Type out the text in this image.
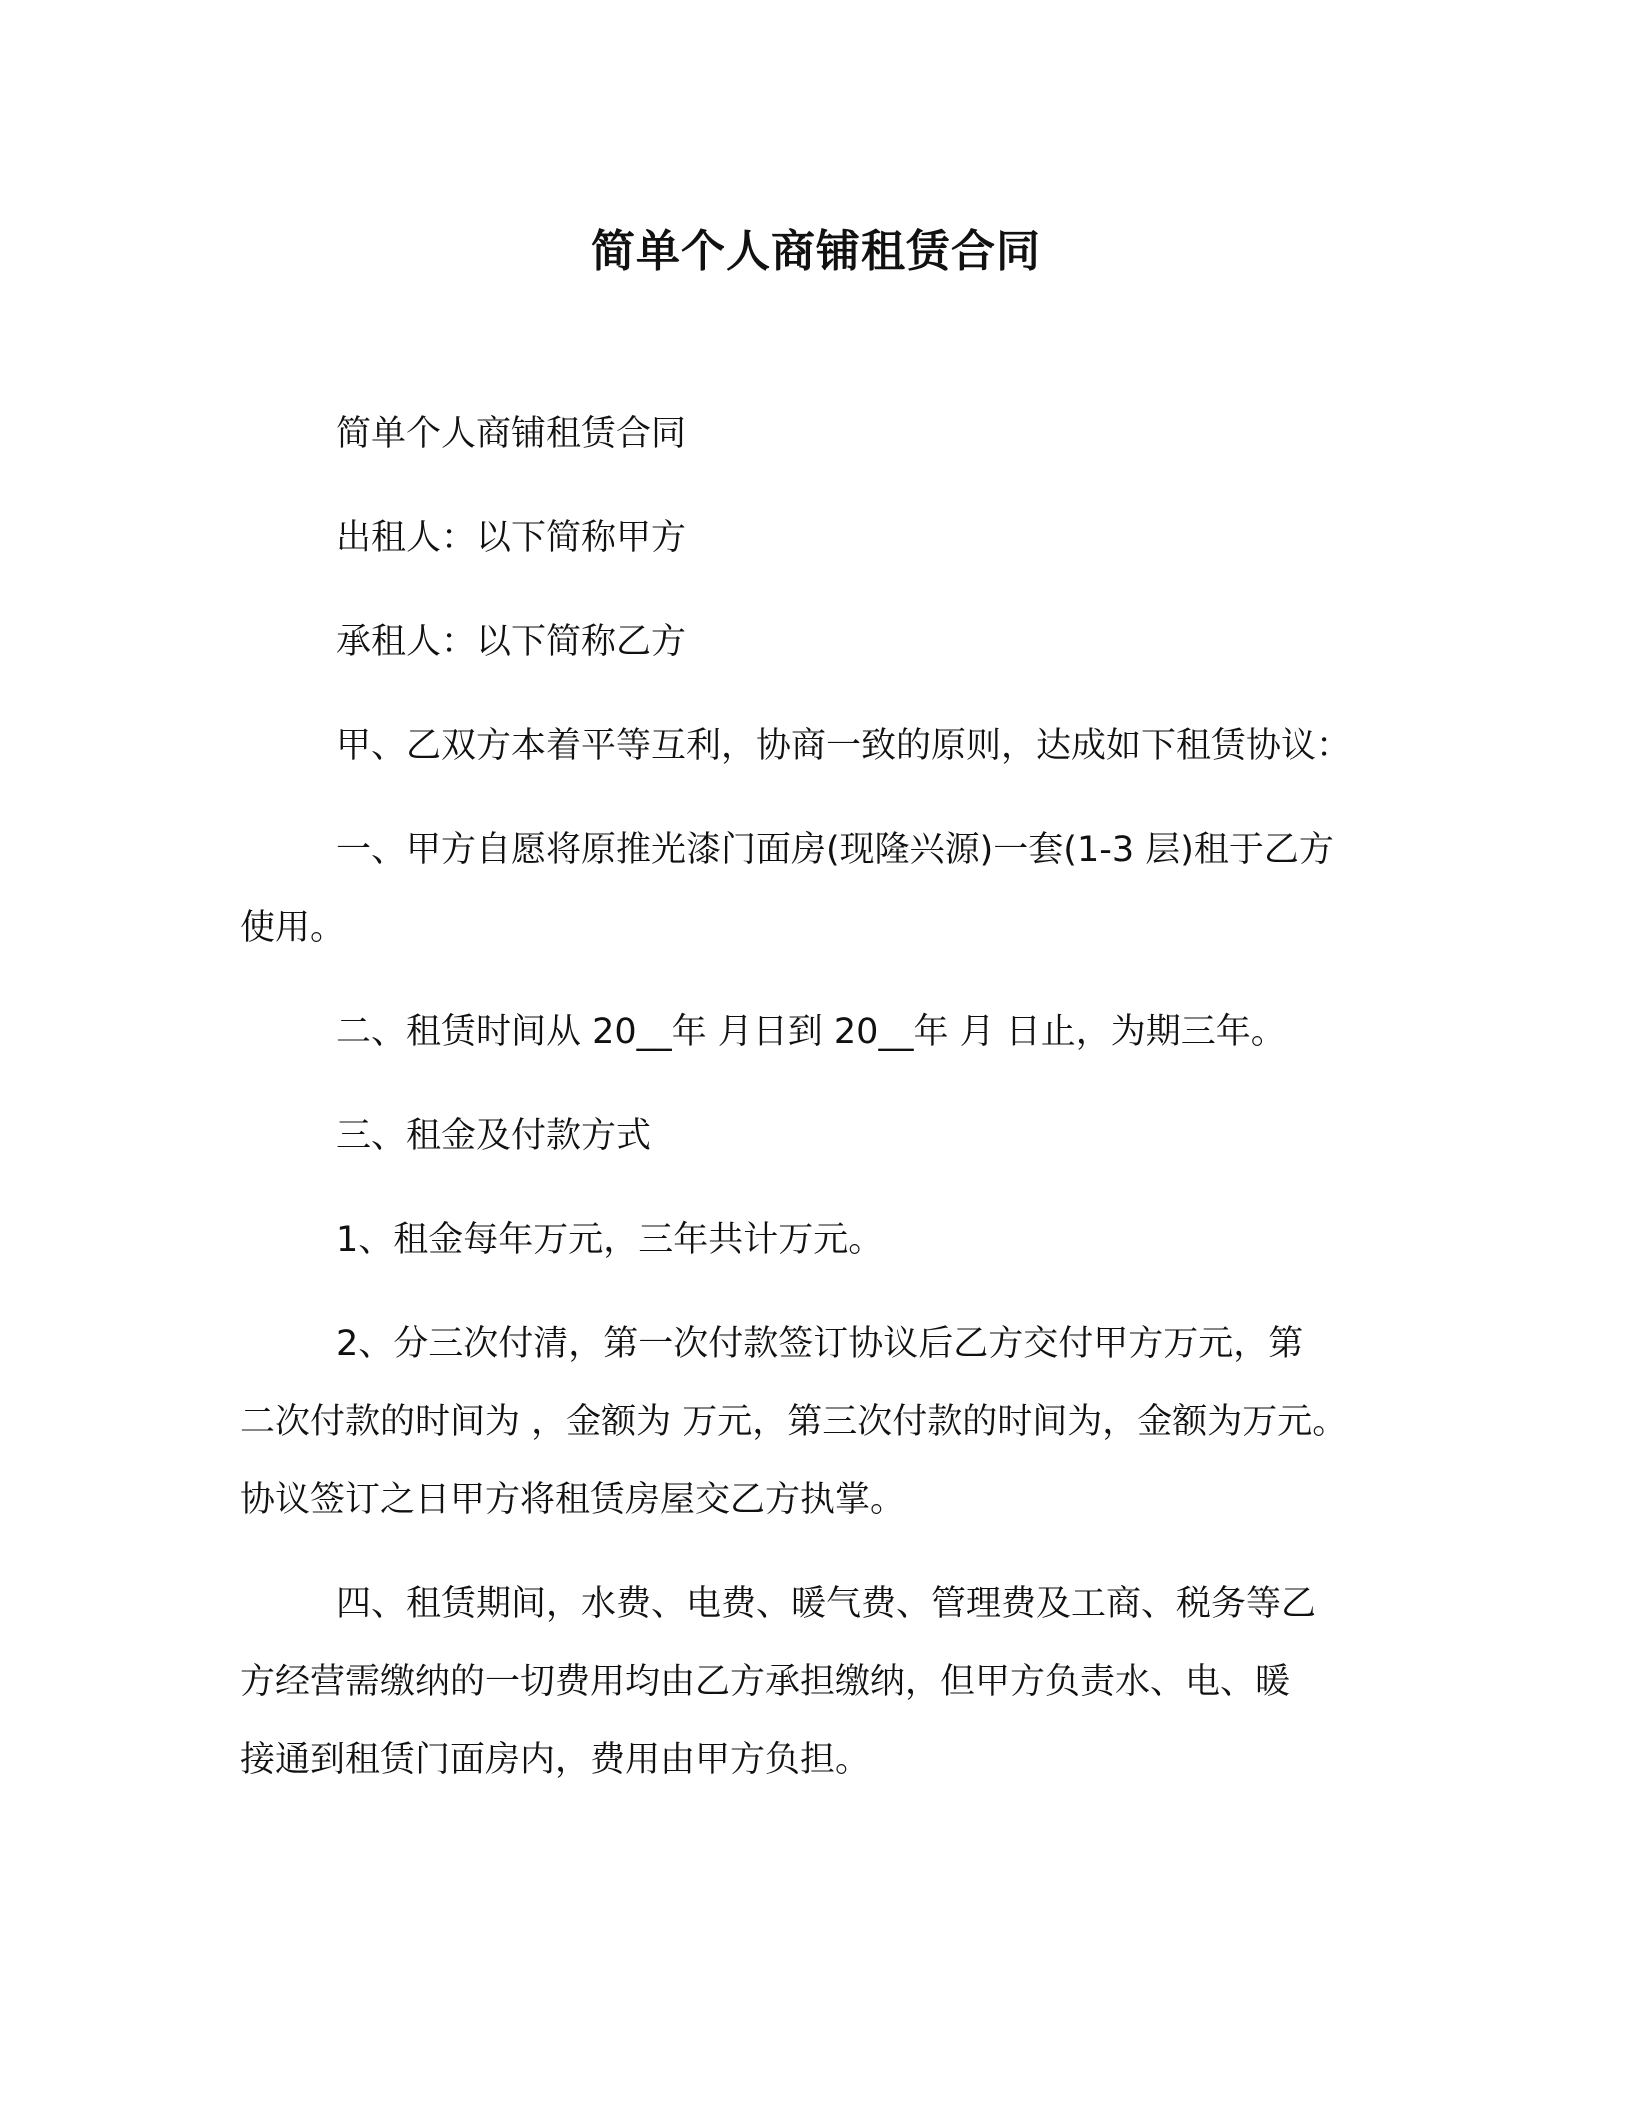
简单个人商铺租赁合同

简单个人商铺租赁合同

出租人：以下简称甲方

承租人：以下简称乙方

甲、乙双方本着平等互利，协商一致的原则，达成如下租赁协议：

一、甲方自愿将原推光漆门面房(现隆兴源)一套(1-3 层)租于乙方
使用。

二、租赁时间从 20__年 月日到 20__年 月 日止，为期三年。

三、租金及付款方式

1、租金每年万元，三年共计万元。

2、分三次付清，第一次付款签订协议后乙方交付甲方万元，第
二次付款的时间为 ，金额为 万元，第三次付款的时间为，金额为万元。
协议签订之日甲方将租赁房屋交乙方执掌。

四、租赁期间，水费、电费、暖气费、管理费及工商、税务等乙
方经营需缴纳的一切费用均由乙方承担缴纳，但甲方负责水、电、暖
接通到租赁门面房内，费用由甲方负担。
